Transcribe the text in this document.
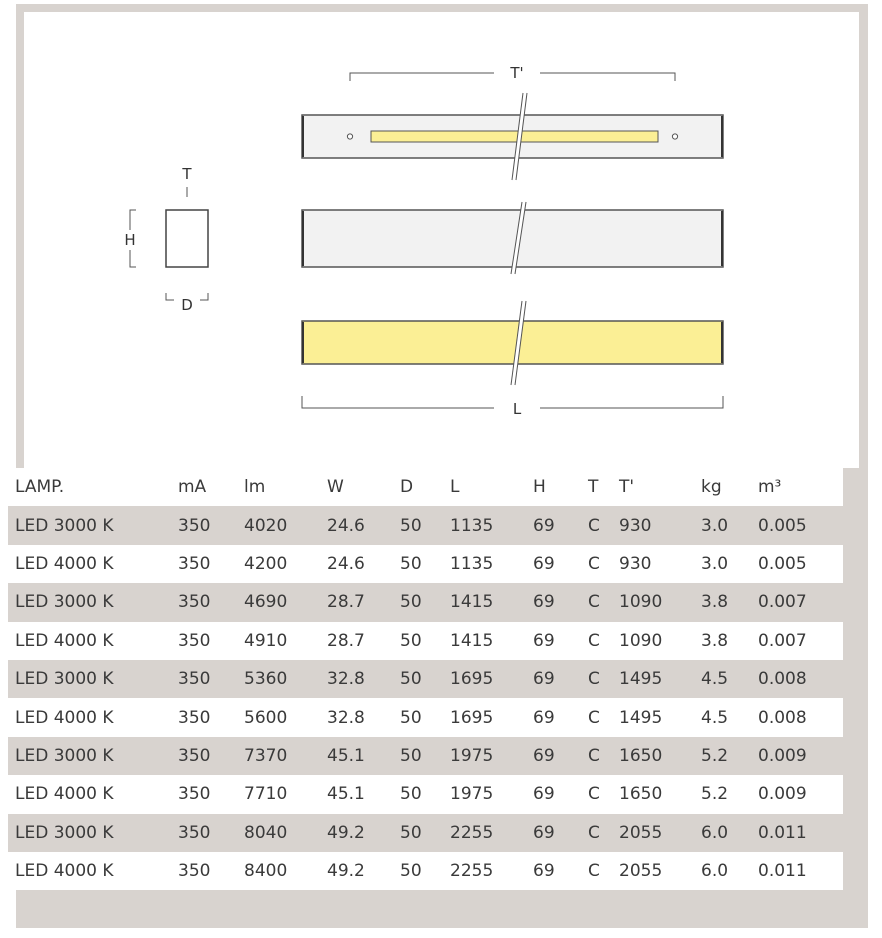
T'
L
T
H
D
LAMP.	mA	lm	W	D	L	H	T	T'	kg	m³
LED 3000 K	350	4020	24.6	50	1135	69	C	930	3.0	0.005
LED 4000 K	350	4200	24.6	50	1135	69	C	930	3.0	0.005
LED 3000 K	350	4690	28.7	50	1415	69	C	1090	3.8	0.007
LED 4000 K	350	4910	28.7	50	1415	69	C	1090	3.8	0.007
LED 3000 K	350	5360	32.8	50	1695	69	C	1495	4.5	0.008
LED 4000 K	350	5600	32.8	50	1695	69	C	1495	4.5	0.008
LED 3000 K	350	7370	45.1	50	1975	69	C	1650	5.2	0.009
LED 4000 K	350	7710	45.1	50	1975	69	C	1650	5.2	0.009
LED 3000 K	350	8040	49.2	50	2255	69	C	2055	6.0	0.011
LED 4000 K	350	8400	49.2	50	2255	69	C	2055	6.0	0.011
